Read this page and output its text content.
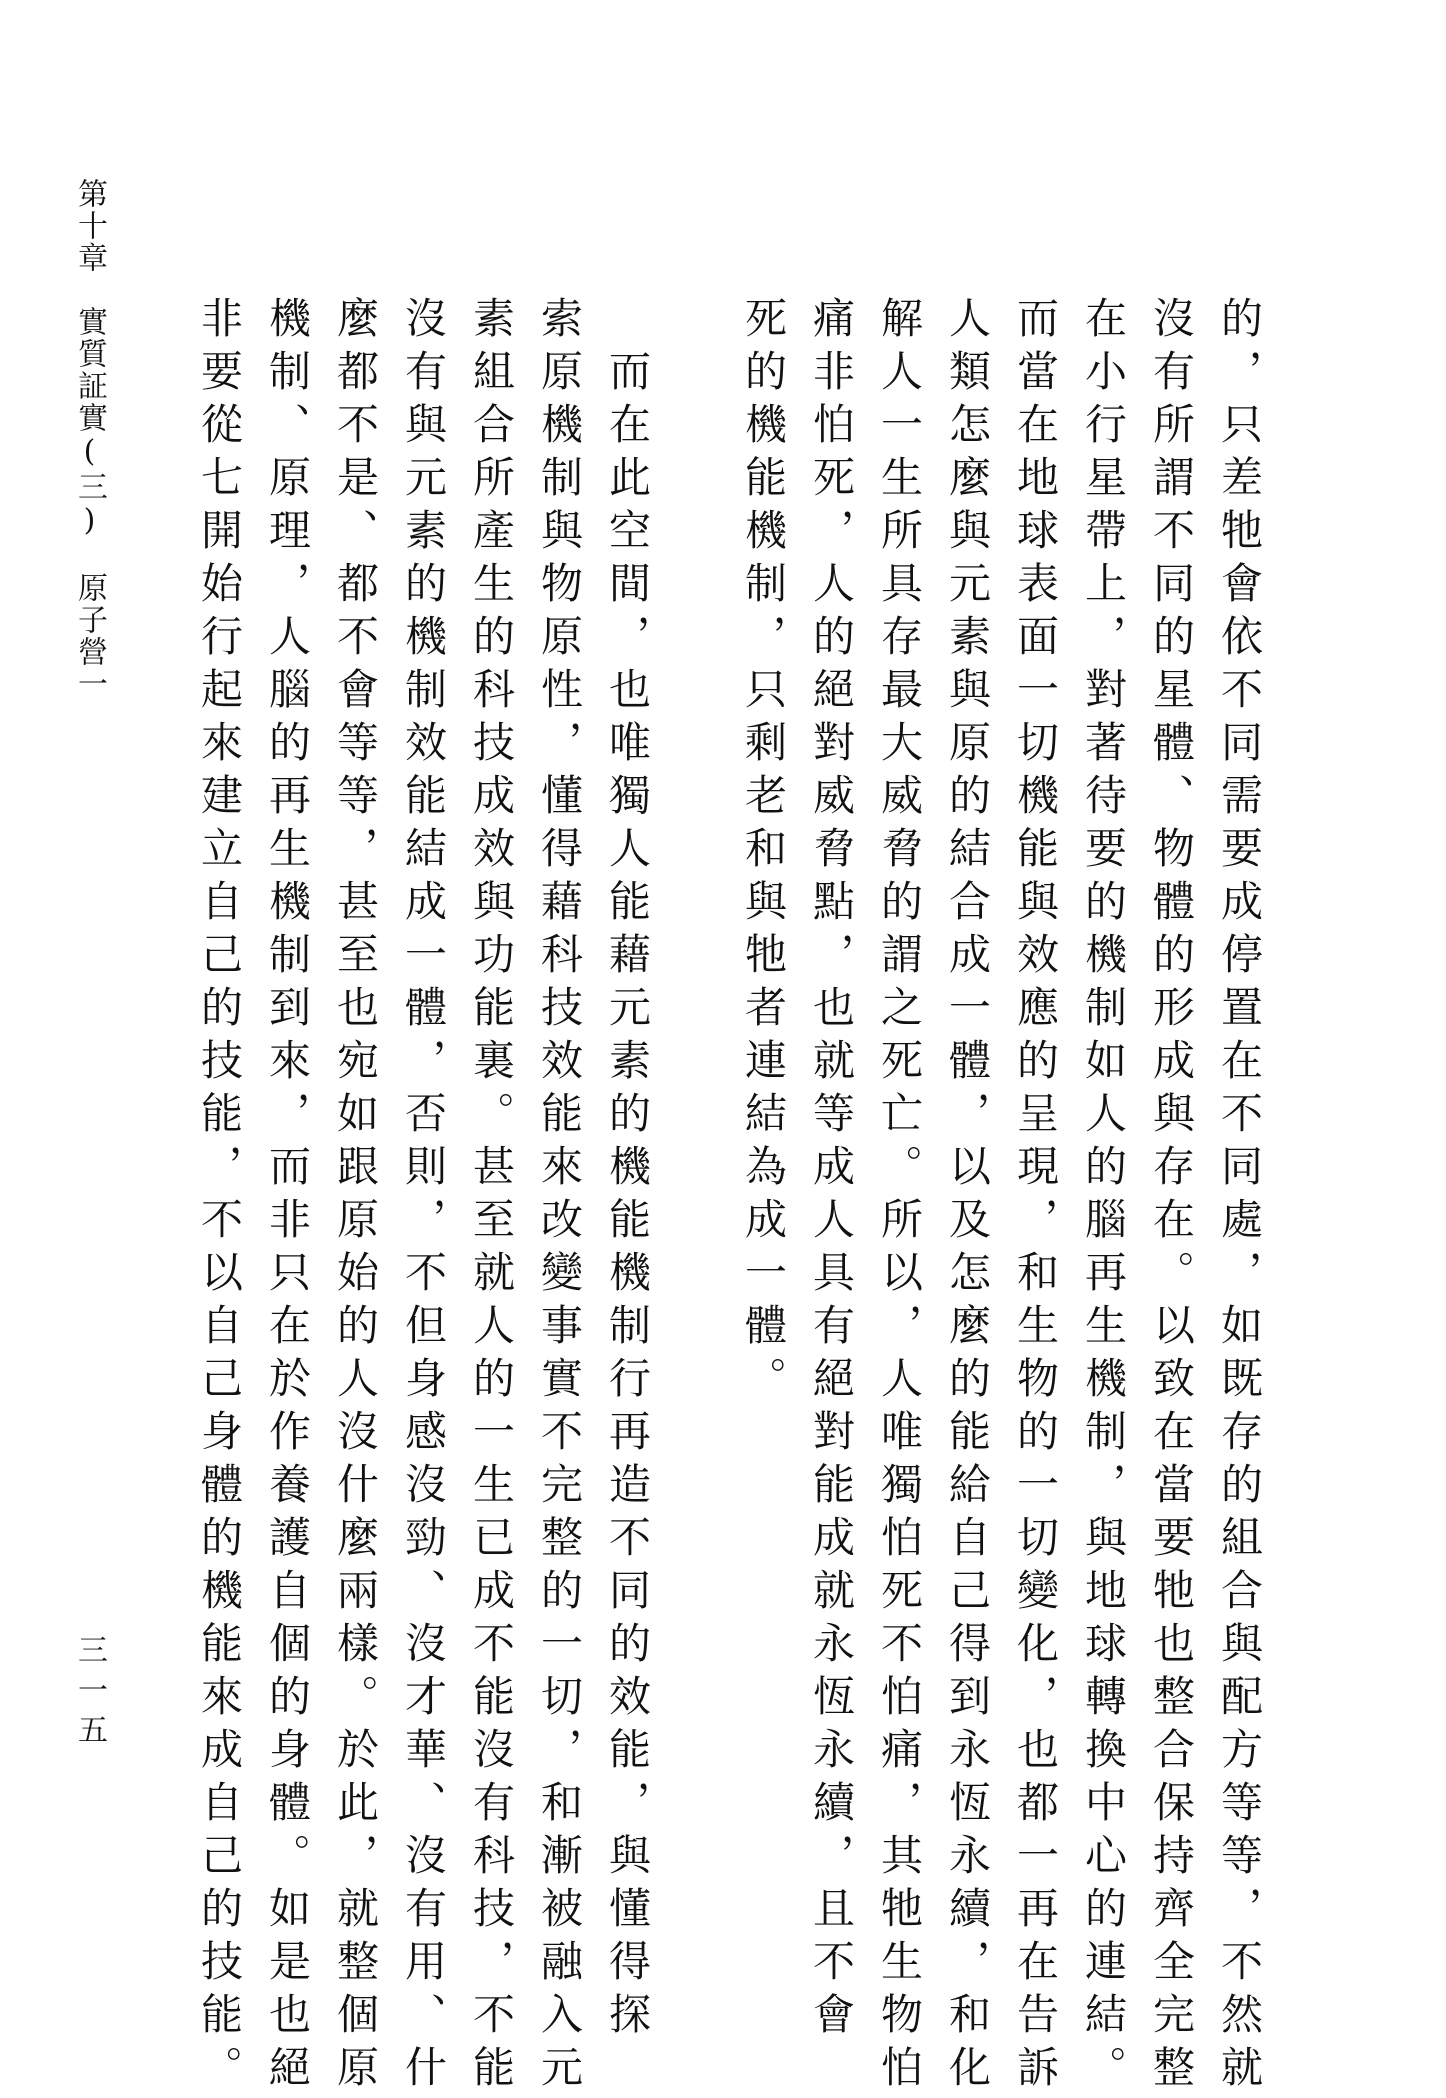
第十章　實質証實(三)　原子營一
三一五	的，只差牠會依不同需要成停置在不同處，如既存的組合與配方等等，不然就
沒有所謂不同的星體、物體的形成與存在。以致在當要牠也整合保持齊全完整
在小行星帶上，對著待要的機制如人的腦再生機制，與地球轉換中心的連結。
而當在地球表面一切機能與效應的呈現，和生物的一切變化，也都一再在告訴
人類怎麼與元素與原的結合成一體，以及怎麼的能給自己得到永恆永續，和化
解人一生所具存最大威脅的謂之死亡。所以，人唯獨怕死不怕痛，其牠生物怕
痛非怕死，人的絕對威脅點，也就等成人具有絕對能成就永恆永續，且不會
死的機能機制，只剩老和與牠者連結為成一體。
　而在此空間，也唯獨人能藉元素的機能機制行再造不同的效能，與懂得探
索原機制與物原性，懂得藉科技效能來改變事實不完整的一切，和漸被融入元
素組合所產生的科技成效與功能裏。甚至就人的一生已成不能沒有科技，不能
沒有與元素的機制效能結成一體，否則，不但身感沒勁、沒才華、沒有用、什
麼都不是、都不會等等，甚至也宛如跟原始的人沒什麼兩樣。於此，就整個原
機制、原理，人腦的再生機制到來，而非只在於作養護自個的身體。如是也絕
非要從七開始行起來建立自己的技能，不以自己身體的機能來成自己的技能。
